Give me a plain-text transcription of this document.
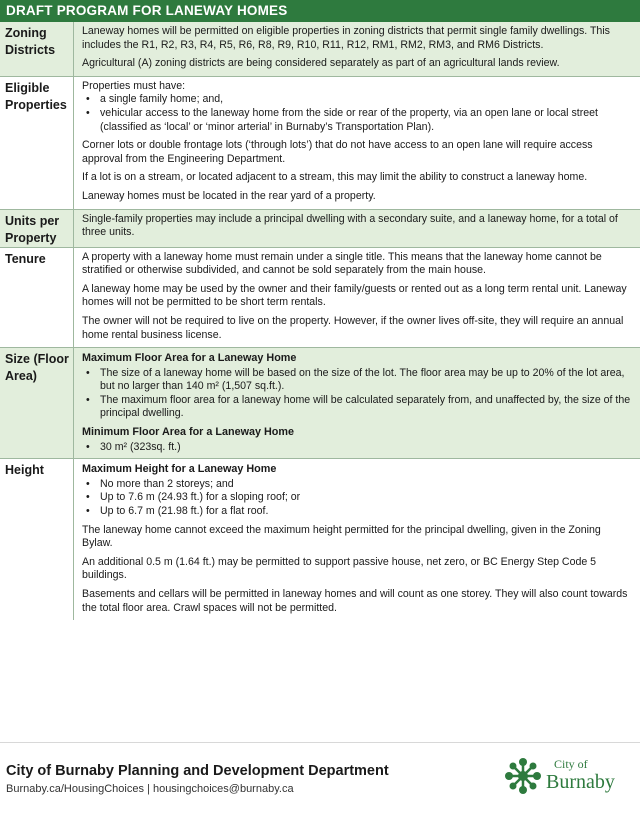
DRAFT PROGRAM FOR LANEWAY HOMES
Zoning Districts

Laneway homes will be permitted on eligible properties in zoning districts that permit single family dwellings. This includes the R1, R2, R3, R4, R5, R6, R8, R9, R10, R11, R12, RM1, RM2, RM3, and RM6 Districts.

Agricultural (A) zoning districts are being considered separately as part of an agricultural lands review.

Eligible Properties

Properties must have:

• a single family home; and,
• vehicular access to the laneway home from the side or rear of the property, via an open lane or local street (classified as ‘local’ or ‘minor arterial’ in Burnaby’s Transportation Plan).

Corner lots or double frontage lots (‘through lots’) that do not have access to an open lane will require access approval from the Engineering Department.

If a lot is on a stream, or located adjacent to a stream, this may limit the ability to construct a laneway home.

Laneway homes must be located in the rear yard of a property.

Units per Property

Single-family properties may include a principal dwelling with a secondary suite, and a laneway home, for a total of three units.

Tenure	A property with a laneway home must remain under a single title. This means that the laneway home cannot be stratified or otherwise subdivided, and cannot be sold separately from the main house.

A laneway home may be used by the owner and their family/guests or rented out as a long term rental unit. Laneway homes will not be permitted to be short term rentals.

The owner will not be required to live on the property. However, if the owner lives off-site, they will require an annual home rental business license.

Size (Floor Area)
Maximum Floor Area for a Laneway Home
• The size of a laneway home will be based on the size of the lot. The floor area may be up to 20% of the lot area, but no larger than 140 m² (1,507 sq.ft.).
• The maximum floor area for a laneway home will be calculated separately from, and unaffected by, the size of the principal dwelling.
Minimum Floor Area for a Laneway Home
• 30 m² (323sq. ft.)
Height	Maximum Height for a Laneway Home
• No more than 2 storeys; and
• Up to 7.6 m (24.93 ft.) for a sloping roof; or
• Up to 6.7 m (21.98 ft.) for a flat roof.

The laneway home cannot exceed the maximum height permitted for the principal dwelling, given in the Zoning Bylaw.

An additional 0.5 m (1.64 ft.) may be permitted to support passive house, net zero, or BC Energy Step Code 5 buildings.

Basements and cellars will be permitted in laneway homes and will count as one storey. They will also count towards the total floor area. Crawl spaces will not be permitted.

City of Burnaby Planning and Development Department
Burnaby.ca/HousingChoices | housingchoices@burnaby.ca
City of
Burnaby
